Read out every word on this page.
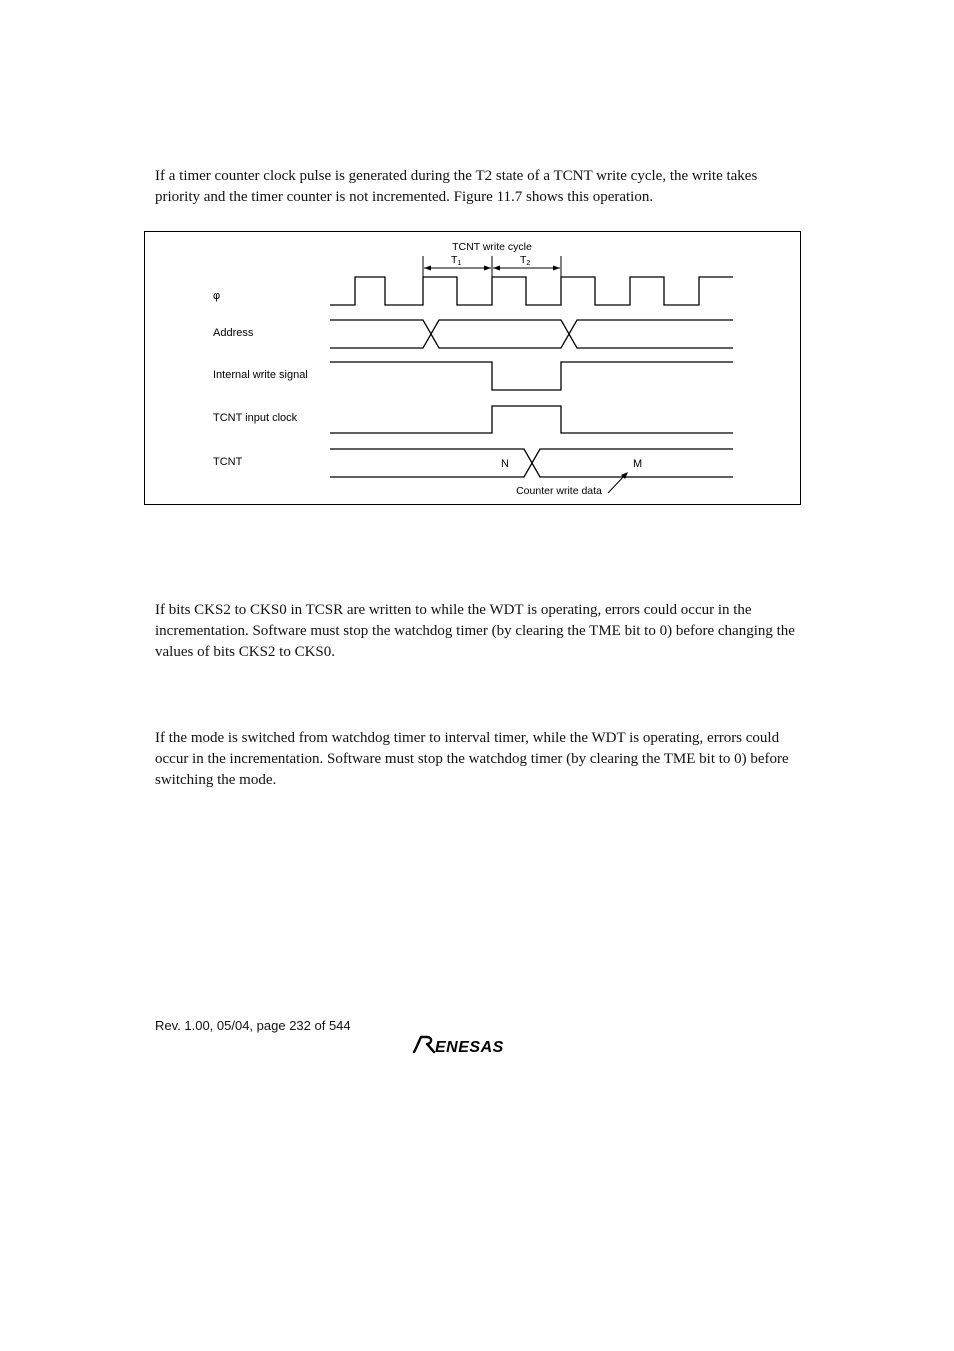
If a timer counter clock pulse is generated during the T2 state of a TCNT write cycle, the write takes priority and the timer counter is not incremented. Figure 11.7 shows this operation.

TCNT write cycle
T1	T2
φ
Address
Internal write signal
TCNT input clock
TCNT	N	M
Counter write data

If bits CKS2 to CKS0 in TCSR are written to while the WDT is operating, errors could occur in the incrementation. Software must stop the watchdog timer (by clearing the TME bit to 0) before changing the values of bits CKS2 to CKS0.

If the mode is switched from watchdog timer to interval timer, while the WDT is operating, errors could occur in the incrementation. Software must stop the watchdog timer (by clearing the TME bit to 0) before switching the mode.

Rev. 1.00, 05/04, page 232 of 544
ENESAS
